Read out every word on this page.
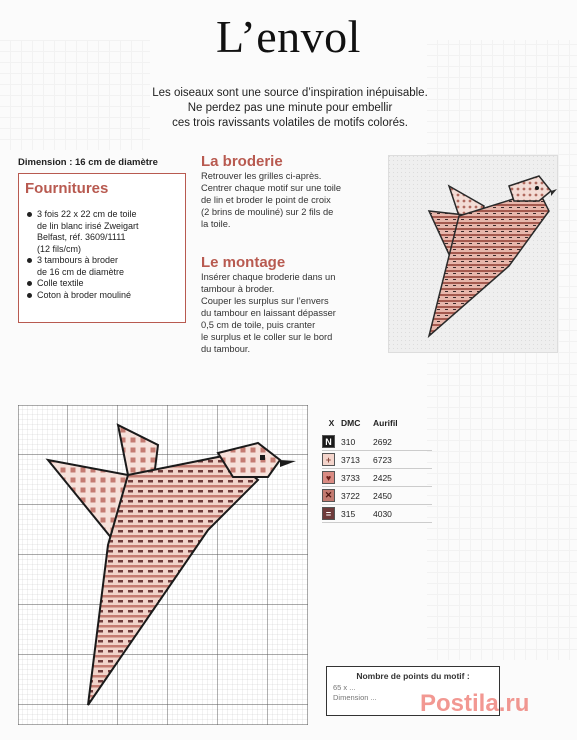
L’envol
Les oiseaux sont une source d’inspiration inépuisable.
Ne perdez pas une minute pour embellir
ces trois ravissants volatiles de motifs colorés.
Dimension : 16 cm de diamètre
Fournitures
3 fois 22 x 22 cm de toile
de lin blanc irisé Zweigart
Belfast, réf. 3609/1111
(12 fils/cm)
3 tambours à broder
de 16 cm de diamètre
Colle textile
Coton à broder mouliné
La broderie
Retrouver les grilles ci-après.
Centrer chaque motif sur une toile
de lin et broder le point de croix
(2 brins de mouliné) sur 2 fils de
la toile.
Le montage
Insérer chaque broderie dans un
tambour à broder.
Couper les surplus sur l’envers
du tambour en laissant dépasser
0,5 cm de toile, puis cranter
le surplus et le coller sur le bord
du tambour.
X DMC	Aurifil
N	310	2692
+	3713	6723
♥	3733	2425
✕	3722	2450
=	315	4030
Nombre de points du motif :
65 x ...
Dimension ...	Postila.ru
